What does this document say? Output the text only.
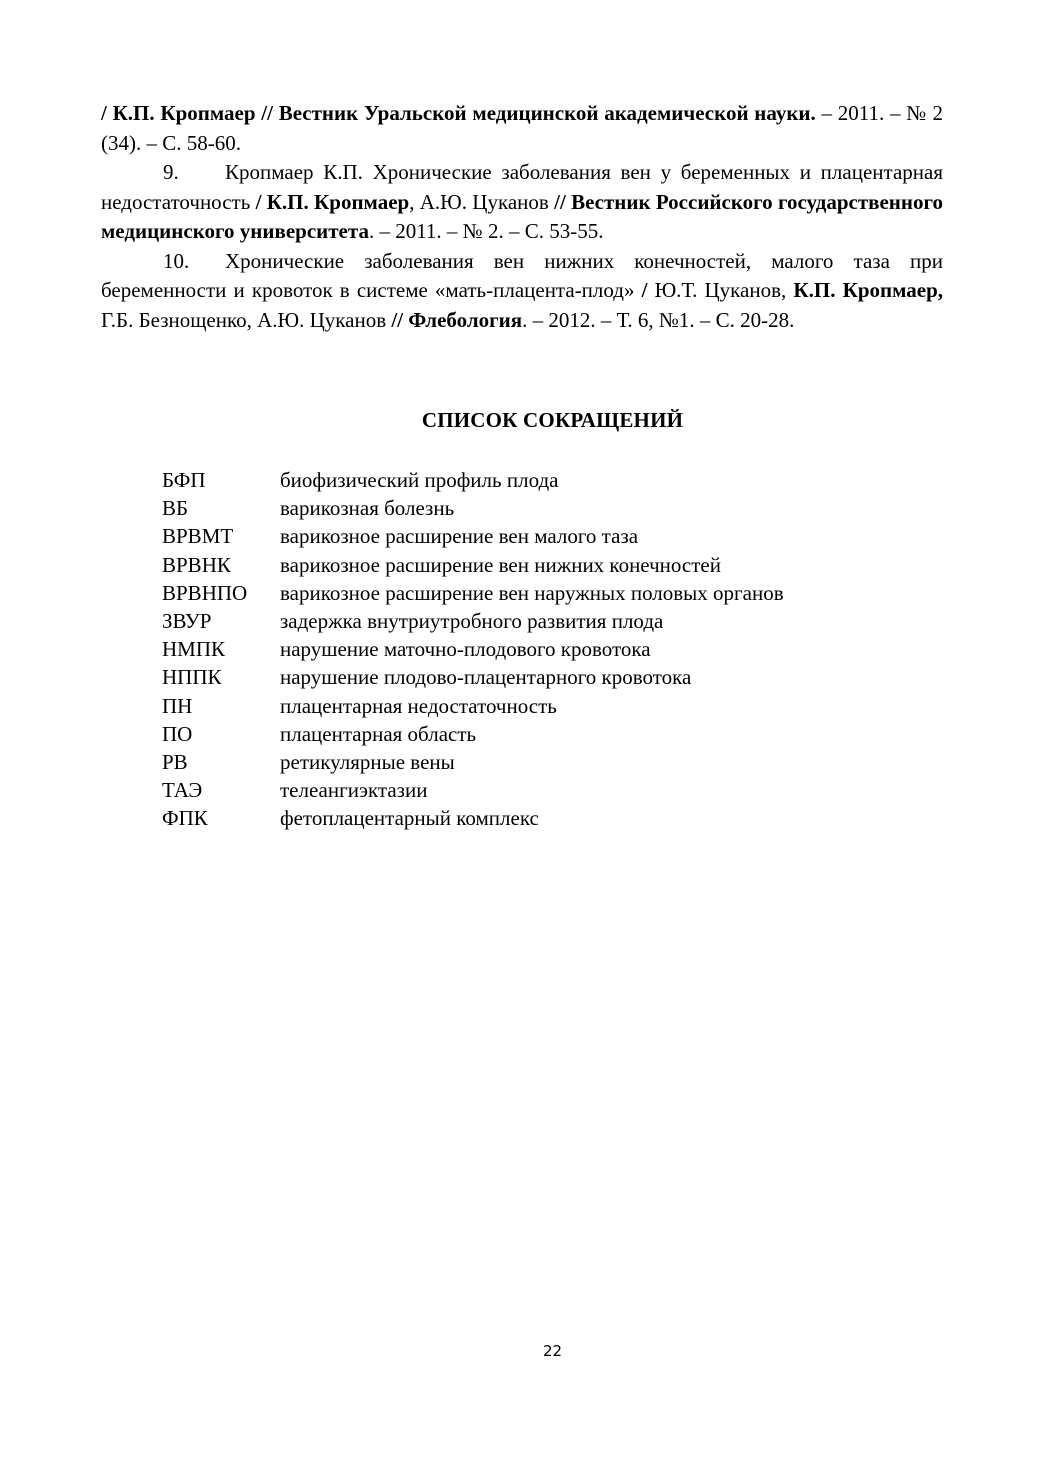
/ К.П. Кропмаер // Вестник Уральской медицинской академической науки. – 2011. – № 2 (34). – С. 58-60.

9. Кропмаер К.П. Хронические заболевания вен у беременных и плацентарная недостаточность / К.П. Кропмаер, А.Ю. Цуканов // Вестник Российского государственного медицинского университета. – 2011. – № 2. – С. 53-55.

10. Хронические заболевания вен нижних конечностей, малого таза при беременности и кровоток в системе «мать-плацента-плод» / Ю.Т. Цуканов, К.П. Кропмаер, Г.Б. Безнощенко, А.Ю. Цуканов // Флебология. – 2012. – Т. 6, №1. – С. 20-28.

СПИСОК СОКРАЩЕНИЙ
БФП	биофизический профиль плода
ВБ	варикозная болезнь
ВРВМТ	варикозное расширение вен малого таза
ВРВНК	варикозное расширение вен нижних конечностей
ВРВНПО	варикозное расширение вен наружных половых органов
ЗВУР	задержка внутриутробного развития плода
НМПК	нарушение маточно-плодового кровотока
НППК	нарушение плодово-плацентарного кровотока
ПН	плацентарная недостаточность
ПО	плацентарная область
РВ	ретикулярные вены
ТАЭ	телеангиэктазии
ФПК	фетоплацентарный комплекс
22
